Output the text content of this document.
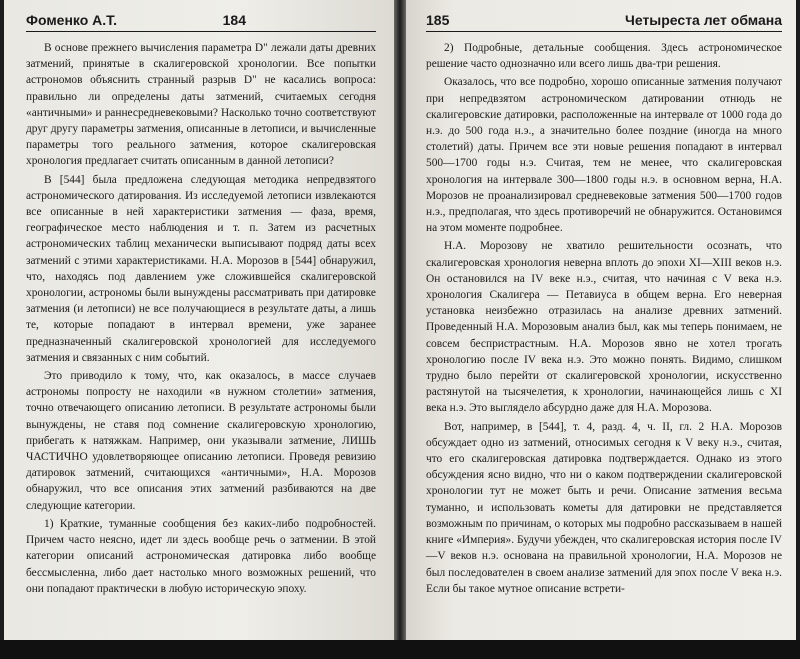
Фоменко А.Т.	184

В основе прежнего вычисления параметра D" лежали даты древних затмений, принятые в скалигеровской хронологии. Все попытки астрономов объяснить странный разрыв D" не касались вопроса: правильно ли определены даты затмений, считаемых сегодня «античными» и раннесредневековыми? Насколько точно соответствуют друг другу параметры затмения, описанные в летописи, и вычисленные параметры того реального затмения, которое скалигеровская хронология предлагает считать описанным в данной летописи?

В [544] была предложена следующая методика непредвзятого астрономического датирования. Из исследуемой летописи извлекаются все описанные в ней характеристики затмения — фаза, время, географическое место наблюдения и т. п. Затем из расчетных астрономических таблиц механически выписывают подряд даты всех затмений с этими характеристиками. Н.А. Морозов в [544] обнаружил, что, находясь под давлением уже сложившейся скалигеровской хронологии, астрономы были вынуждены рассматривать при датировке затмения (и летописи) не все получающиеся в результате даты, а лишь те, которые попадают в интервал времени, уже заранее предназначенный скалигеровской хронологией для исследуемого затмения и связанных с ним событий.

Это приводило к тому, что, как оказалось, в массе случаев астрономы попросту не находили «в нужном столетии» затмения, точно отвечающего описанию летописи. В результате астрономы были вынуждены, не ставя под сомнение скалигеровскую хронологию, прибегать к натяжкам. Например, они указывали затмение, ЛИШЬ ЧАСТИЧНО удовлетворяющее описанию летописи. Проведя ревизию датировок затмений, считающихся «античными», Н.А. Морозов обнаружил, что все описания этих затмений разбиваются на две следующие категории.

1) Краткие, туманные сообщения без каких-либо подробностей. Причем часто неясно, идет ли здесь вообще речь о затмении. В этой категории описаний астрономическая датировка либо вообще бессмысленна, либо дает настолько много возможных решений, что они попадают практически в любую историческую эпоху.

185	Четыреста лет обмана

2) Подробные, детальные сообщения. Здесь астрономическое решение часто однозначно или всего лишь два-три решения.

Оказалось, что все подробно, хорошо описанные затмения получают при непредвзятом астрономическом датировании отнюдь не скалигеровские датировки, расположенные на интервале от 1000 года до н.э. до 500 года н.э., а значительно более поздние (иногда на много столетий) даты. Причем все эти новые решения попадают в интервал 500—1700 годы н.э. Считая, тем не менее, что скалигеровская хронология на интервале 300—1800 годы н.э. в основном верна, Н.А. Морозов не проанализировал средневековые затмения 500—1700 годов н.э., предполагая, что здесь противоречий не обнаружится. Остановимся на этом моменте подробнее.

Н.А. Морозову не хватило решительности осознать, что скалигеровская хронология неверна вплоть до эпохи XI—XIII веков н.э. Он остановился на IV веке н.э., считая, что начиная с V века н.э. хронология Скалигера — Петавиуса в общем верна. Его неверная установка неизбежно отразилась на анализе древних затмений. Проведенный Н.А. Морозовым анализ был, как мы теперь понимаем, не совсем беспристрастным. Н.А. Морозов явно не хотел трогать хронологию после IV века н.э. Это можно понять. Видимо, слишком трудно было перейти от скалигеровской хронологии, искусственно растянутой на тысячелетия, к хронологии, начинающейся лишь с XI века н.э. Это выглядело абсурдно даже для Н.А. Морозова.

Вот, например, в [544], т. 4, разд. 4, ч. II, гл. 2 Н.А. Морозов обсуждает одно из затмений, относимых сегодня к V веку н.э., считая, что его скалигеровская датировка подтверждается. Однако из этого обсуждения ясно видно, что ни о каком подтверждении скалигеровской хронологии тут не может быть и речи. Описание затмения весьма туманно, и использовать кометы для датировки не представляется возможным по причинам, о которых мы подробно рассказываем в нашей книге «Империя». Будучи убежден, что скалигеровская история после IV—V веков н.э. основана на правильной хронологии, Н.А. Морозов не был последователен в своем анализе затмений для эпох после V века н.э. Если бы такое мутное описание встрети-
